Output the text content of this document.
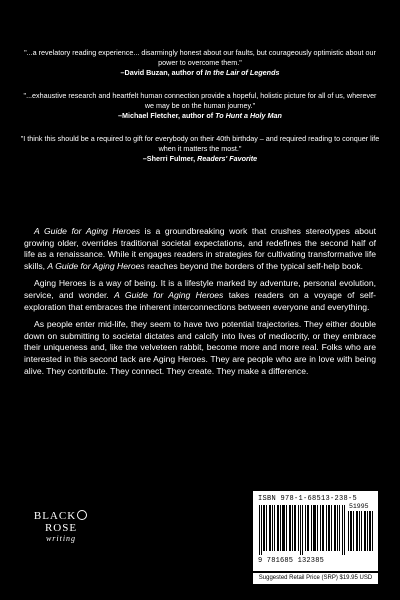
"...a revelatory reading experience... disarmingly honest about our faults, but courageously optimistic about our power to overcome them."
–David Buzan, author of In the Lair of Legends
"...exhaustive research and heartfelt human connection provide a hopeful, holistic picture for all of us, wherever we may be on the human journey."
–Michael Fletcher, author of To Hunt a Holy Man
"I think this should be a required to gift for everybody on their 40th birthday – and required reading to conquer life when it matters the most."
–Sherri Fulmer, Readers' Favorite

A Guide for Aging Heroes is a groundbreaking work that crushes stereotypes about growing older, overrides traditional societal expectations, and redefines the second half of life as a renaissance. While it engages readers in strategies for cultivating transformative life skills, A Guide for Aging Heroes reaches beyond the borders of the typical self-help book.

Aging Heroes is a way of being. It is a lifestyle marked by adventure, personal evolution, service, and wonder. A Guide for Aging Heroes takes readers on a voyage of self-exploration that embraces the inherent interconnections between everyone and everything.

As people enter mid-life, they seem to have two potential trajectories. They either double down on submitting to societal dictates and calcify into lives of mediocrity, or they embrace their uniqueness and, like the velveteen rabbit, become more and more real. Folks who are interested in this second tack are Aging Heroes. They are people who are in love with being alive. They contribute. They connect. They create. They make a difference.

BLACKROSE
writing
ISBN 978-1-68513-238-5
51995
9 781685 132385
Suggested Retail Price (SRP) $19.95 USD
